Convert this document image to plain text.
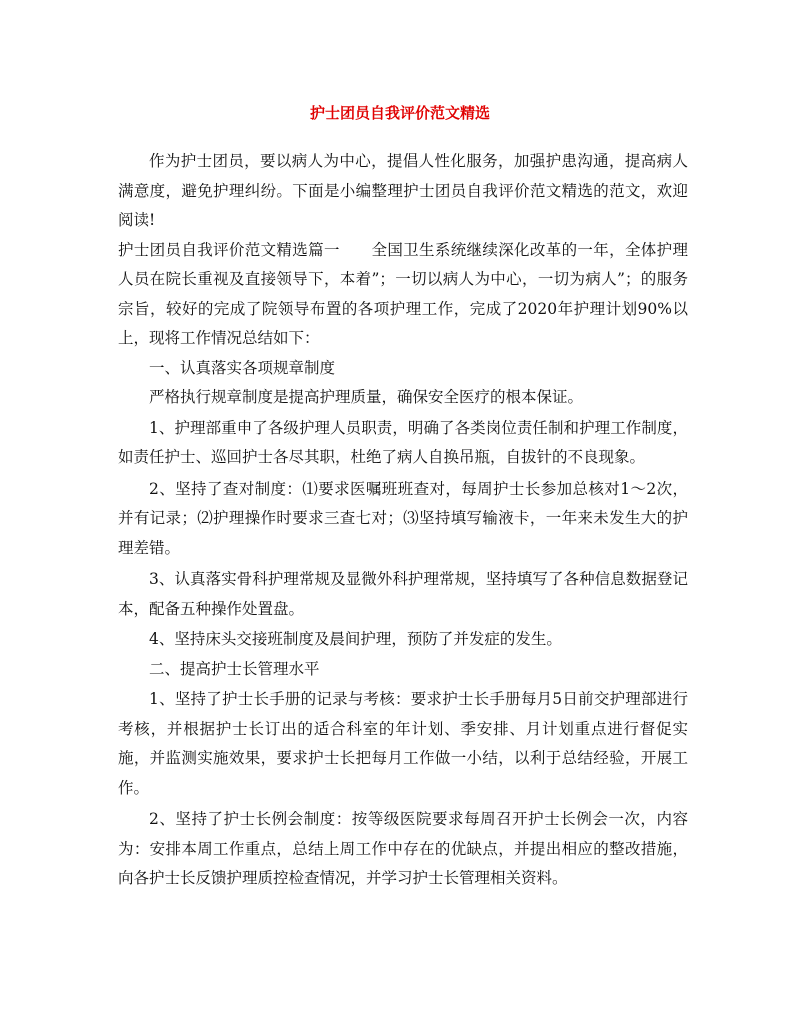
护士团员自我评价范文精选

作为护士团员，要以病人为中心，提倡人性化服务，加强护患沟通，提高病人满意度，避免护理纠纷。下面是小编整理护士团员自我评价范文精选的范文，欢迎阅读!

护士团员自我评价范文精选篇一　　全国卫生系统继续深化改革的一年，全体护理人员在院长重视及直接领导下，本着”；一切以病人为中心，一切为病人”；的服务宗旨，较好的完成了院领导布置的各项护理工作，完成了2020年护理计划90%以上，现将工作情况总结如下：

一、认真落实各项规章制度

严格执行规章制度是提高护理质量，确保安全医疗的根本保证。

1、护理部重申了各级护理人员职责，明确了各类岗位责任制和护理工作制度，如责任护士、巡回护士各尽其职，杜绝了病人自换吊瓶，自拔针的不良现象。

2、坚持了查对制度：⑴要求医嘱班班查对，每周护士长参加总核对1～2次，并有记录；⑵护理操作时要求三查七对；⑶坚持填写输液卡，一年来未发生大的护理差错。

3、认真落实骨科护理常规及显微外科护理常规，坚持填写了各种信息数据登记本，配备五种操作处置盘。

4、坚持床头交接班制度及晨间护理，预防了并发症的发生。

二、提高护士长管理水平

1、坚持了护士长手册的记录与考核：要求护士长手册每月5日前交护理部进行考核，并根据护士长订出的适合科室的年计划、季安排、月计划重点进行督促实施，并监测实施效果，要求护士长把每月工作做一小结，以利于总结经验，开展工作。

2、坚持了护士长例会制度：按等级医院要求每周召开护士长例会一次，内容为：安排本周工作重点，总结上周工作中存在的优缺点，并提出相应的整改措施，向各护士长反馈护理质控检查情况，并学习护士长管理相关资料。
